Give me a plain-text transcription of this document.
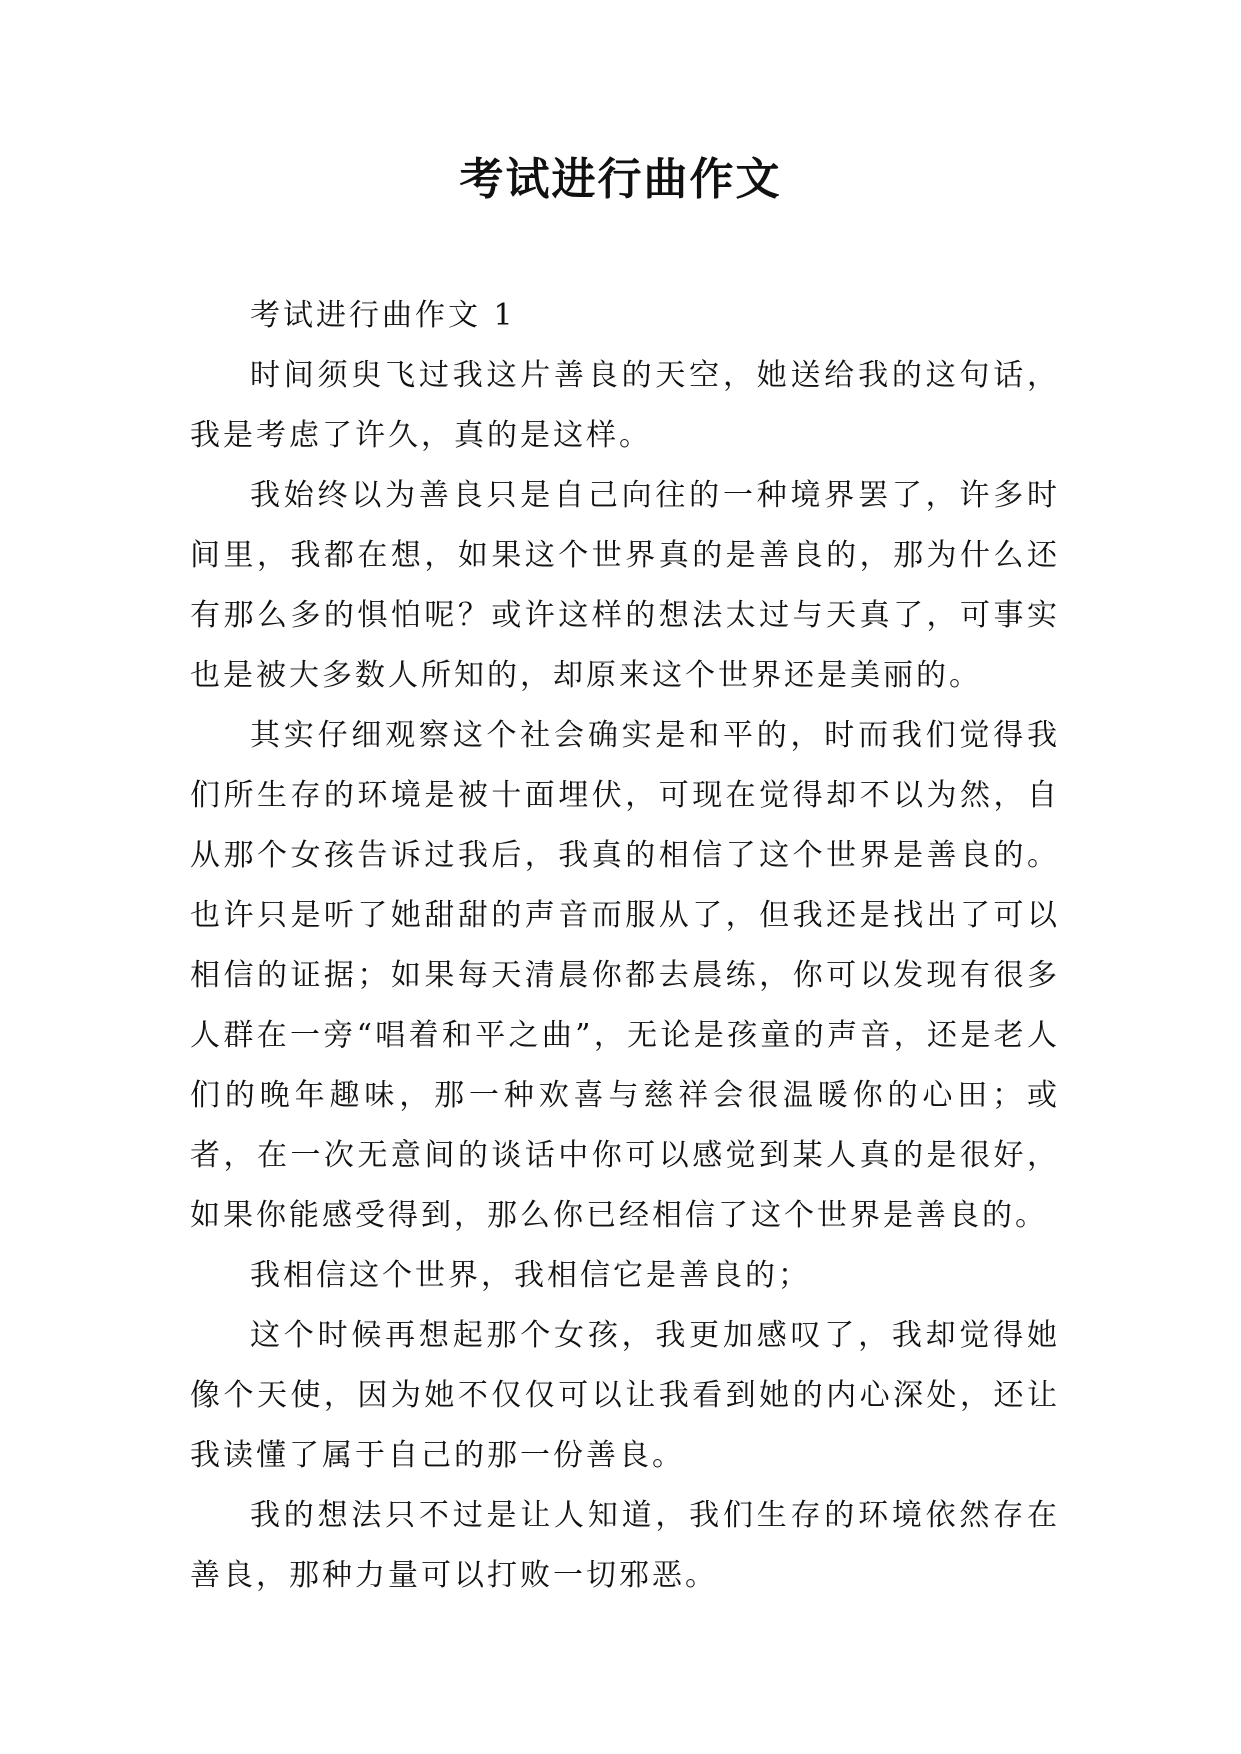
考试进行曲作文

考试进行曲作文 1

时间须臾飞过我这片善良的天空，她送给我的这句话，我是考虑了许久，真的是这样。

我始终以为善良只是自己向往的一种境界罢了，许多时间里，我都在想，如果这个世界真的是善良的，那为什么还有那么多的惧怕呢？或许这样的想法太过与天真了，可事实也是被大多数人所知的，却原来这个世界还是美丽的。

其实仔细观察这个社会确实是和平的，时而我们觉得我们所生存的环境是被十面埋伏，可现在觉得却不以为然，自从那个女孩告诉过我后，我真的相信了这个世界是善良的。也许只是听了她甜甜的声音而服从了，但我还是找出了可以相信的证据；如果每天清晨你都去晨练，你可以发现有很多人群在一旁“唱着和平之曲”，无论是孩童的声音，还是老人们的晚年趣味，那一种欢喜与慈祥会很温暖你的心田；或者，在一次无意间的谈话中你可以感觉到某人真的是很好，如果你能感受得到，那么你已经相信了这个世界是善良的。

我相信这个世界，我相信它是善良的；

这个时候再想起那个女孩，我更加感叹了，我却觉得她像个天使，因为她不仅仅可以让我看到她的内心深处，还让我读懂了属于自己的那一份善良。

我的想法只不过是让人知道，我们生存的环境依然存在善良，那种力量可以打败一切邪恶。
